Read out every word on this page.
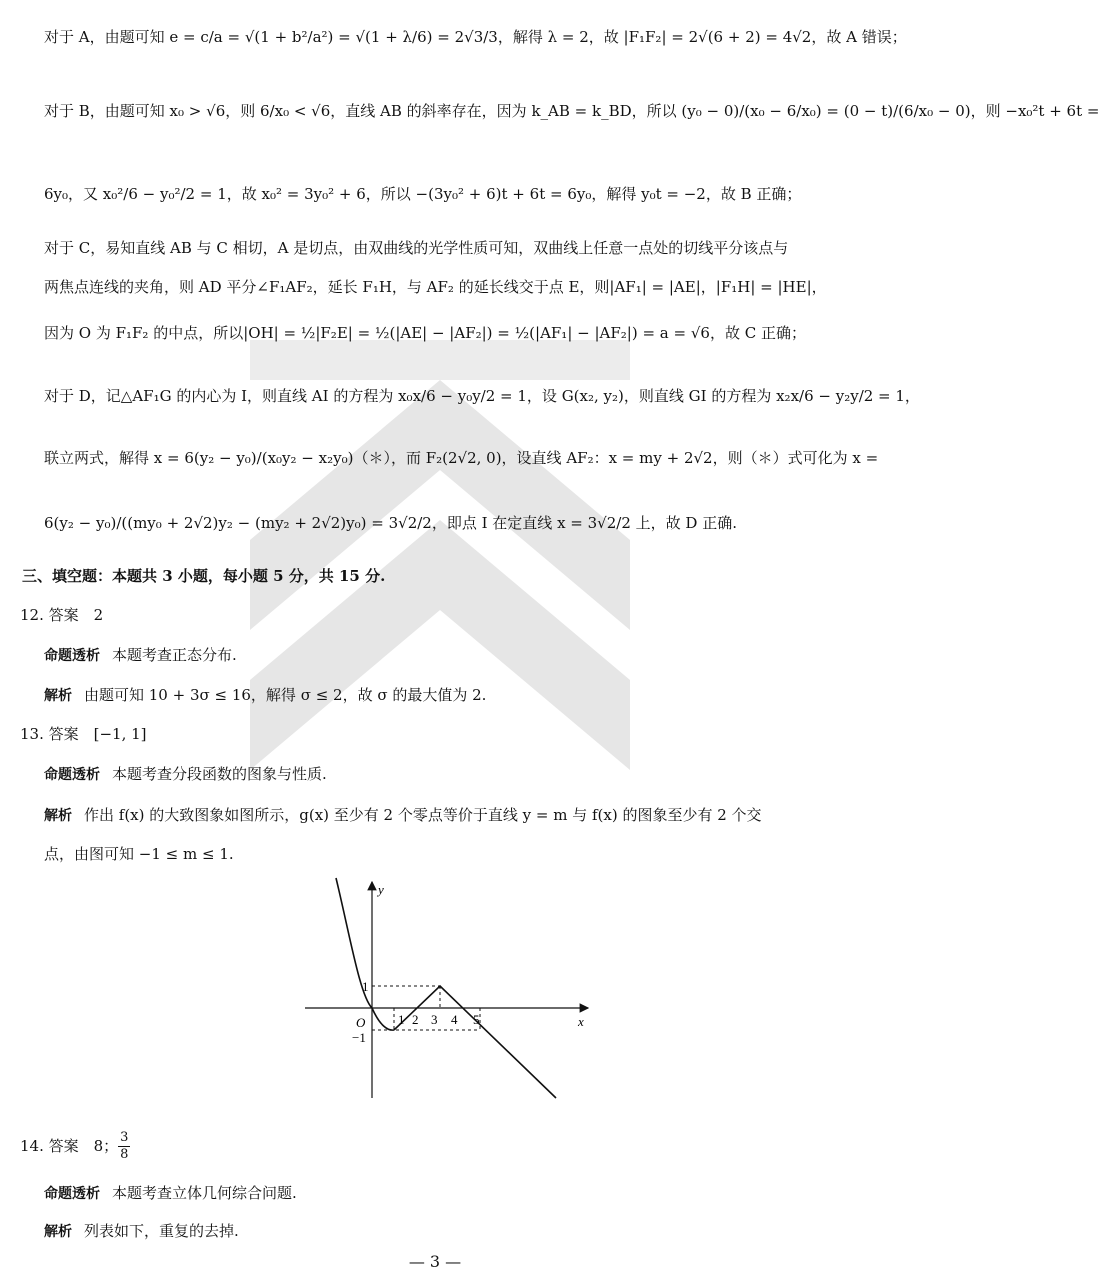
对于 A，由题可知 e = c/a = √(1 + b²/a²) = √(1 + λ/6) = 2√3/3，解得 λ = 2，故 |F₁F₂| = 2√(6 + 2) = 4√2，故 A 错误；
对于 B，由题可知 x₀ > √6，则 6/x₀ < √6，直线 AB 的斜率存在，因为 k_AB = k_BD，所以 (y₀ − 0)/(x₀ − 6/x₀) = (0 − t)/(6/x₀ − 0)，则 −x₀²t + 6t =
6y₀，又 x₀²/6 − y₀²/2 = 1，故 x₀² = 3y₀² + 6，所以 −(3y₀² + 6)t + 6t = 6y₀，解得 y₀t = −2，故 B 正确；
对于 C，易知直线 AB 与 C 相切，A 是切点，由双曲线的光学性质可知，双曲线上任意一点处的切线平分该点与
两焦点连线的夹角，则 AD 平分∠F₁AF₂，延长 F₁H，与 AF₂ 的延长线交于点 E，则|AF₁| = |AE|，|F₁H| = |HE|，
因为 O 为 F₁F₂ 的中点，所以|OH| = ½|F₂E| = ½(|AE| − |AF₂|) = ½(|AF₁| − |AF₂|) = a = √6，故 C 正确；
对于 D，记△AF₁G 的内心为 I，则直线 AI 的方程为 x₀x/6 − y₀y/2 = 1，设 G(x₂, y₂)，则直线 GI 的方程为 x₂x/6 − y₂y/2 = 1，
联立两式，解得 x = 6(y₂ − y₀)/(x₀y₂ − x₂y₀)（＊），而 F₂(2√2, 0)，设直线 AF₂：x = my + 2√2，则（＊）式可化为 x =
6(y₂ − y₀)/((my₀ + 2√2)y₂ − (my₂ + 2√2)y₀) = 3√2/2，即点 I 在定直线 x = 3√2/2 上，故 D 正确.
三、填空题：本题共 3 小题，每小题 5 分，共 15 分.
12. 答案　2
命题透析 本题考查正态分布.
解析 由题可知 10 + 3σ ≤ 16，解得 σ ≤ 2，故 σ 的最大值为 2.
13. 答案　[−1, 1]
命题透析 本题考查分段函数的图象与性质.
解析 作出 f(x) 的大致图象如图所示，g(x) 至少有 2 个零点等价于直线 y = m 与 f(x) 的图象至少有 2 个交
点，由图可知 −1 ≤ m ≤ 1.
y
x
O
1
−1
1 2 3 4 5
14. 答案　8； $\frac{3}{8}$
命题透析 本题考查立体几何综合问题.
解析 列表如下，重复的去掉.
— 3 —
